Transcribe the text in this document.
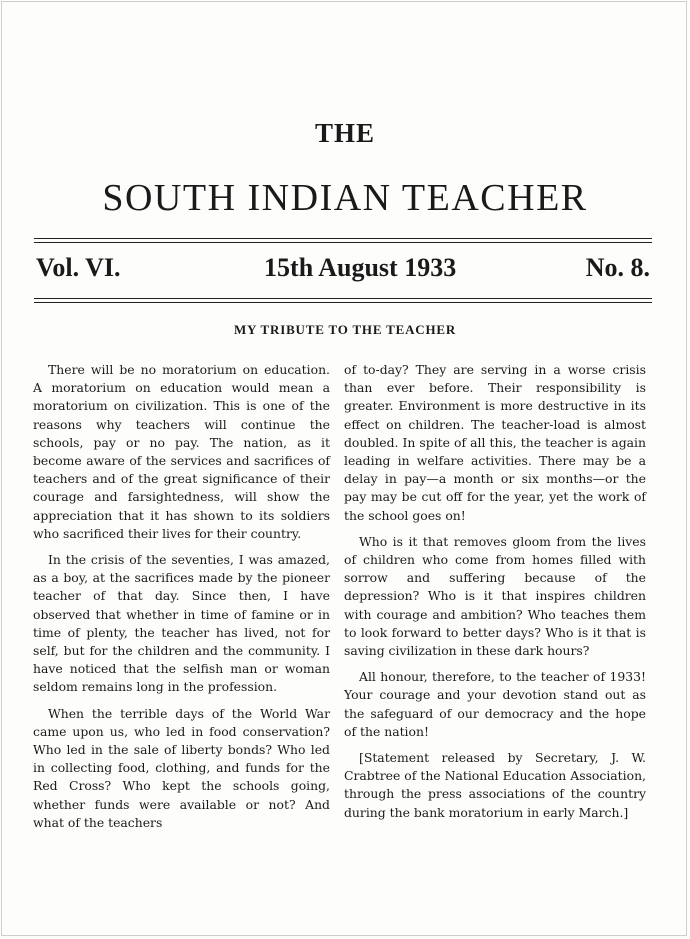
THE
SOUTH INDIAN TEACHER
Vol. VI.	15th August 1933	No. 8.
MY TRIBUTE TO THE TEACHER

There will be no moratorium on education. A moratorium on education would mean a moratorium on civilization. This is one of the reasons why teachers will continue the schools, pay or no pay. The nation, as it become aware of the services and sacrifices of teachers and of the great significance of their courage and farsightedness, will show the appreciation that it has shown to its soldiers who sacrificed their lives for their country.

In the crisis of the seventies, I was amazed, as a boy, at the sacrifices made by the pioneer teacher of that day. Since then, I have observed that whether in time of famine or in time of plenty, the teacher has lived, not for self, but for the children and the community. I have noticed that the selfish man or woman seldom remains long in the profession.

When the terrible days of the World War came upon us, who led in food conservation? Who led in the sale of liberty bonds? Who led in collecting food, clothing, and funds for the Red Cross? Who kept the schools going, whether funds were available or not? And what of the teachers

of to-day? They are serving in a worse crisis than ever before. Their responsibility is greater. Environment is more destructive in its effect on children. The teacher-load is almost doubled. In spite of all this, the teacher is again leading in welfare activities. There may be a delay in pay—a month or six months—or the pay may be cut off for the year, yet the work of the school goes on!

Who is it that removes gloom from the lives of children who come from homes filled with sorrow and suffering because of the depression? Who is it that inspires children with courage and ambition? Who teaches them to look forward to better days? Who is it that is saving civilization in these dark hours?

All honour, therefore, to the teacher of 1933! Your courage and your devotion stand out as the safeguard of our democracy and the hope of the nation!

[Statement released by Secretary, J. W. Crabtree of the National Education Association, through the press associations of the country during the bank moratorium in early March.]
